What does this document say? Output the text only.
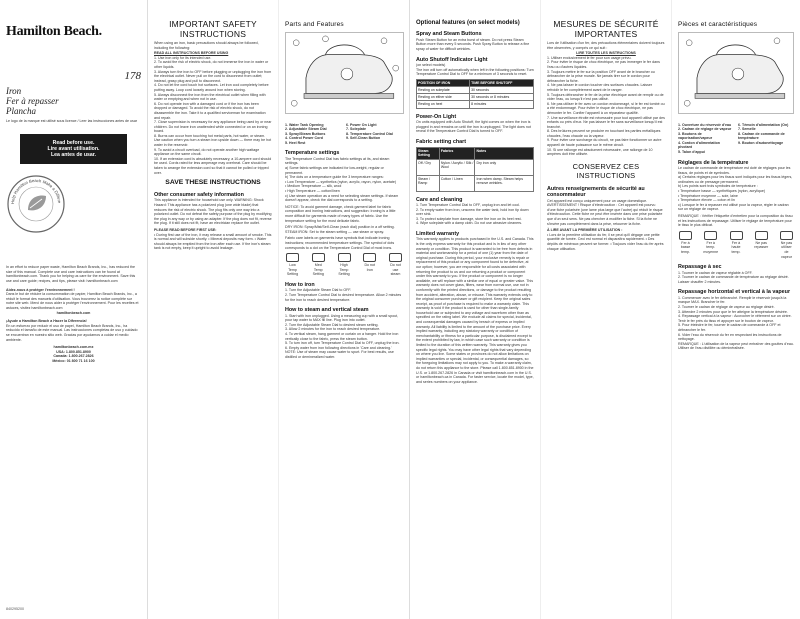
Hamilton Beach.
178
Iron
Fer à repasser
Plancha
Le logo de la marque est utilisé sous licence / Leer las instrucciones antes de usar
Read before use.
Lire avant utilisation.
Lea antes de usar.
Help Hamilton Beach Make a Differe
In an effort to reduce paper waste, Hamilton Beach Brands, Inc., has reduced the size of this manual. Complete use and care instructions can be found at hamiltonbeach.com. Thank you for helping us care for the environment. Save this use and care guide; recipes, and tips, please visit: hamiltonbeach.com
Aidez-nous à protéger l'environnement !
Dans le but de réduire la consommation de papier, Hamilton Beach Brands, Inc., a réduit le format des manuels d'utilisation. Vous trouverez la notice complète sur notre site web. Merci de nous aider à protéger l'environnement. Pour les recettes et astuces, visitez hamiltonbeach.com
hamiltonbeach.com
¡Ayude a Hamilton Beach a Hacer la Diferencia!
En un esfuerzo por reducir el uso de papel, Hamilton Beach Brands, Inc., ha reducido el tamaño de este manual. Las instrucciones completas de uso y cuidado se encuentran en nuestro sitio web. Gracias por ayudarnos a cuidar el medio ambiente.
hamiltonbeach.com.mx
USA: 1.800.851.8900
Canada: 1.800.267.2826
México: 01 800 71 16 100
840295200
IMPORTANT SAFETY INSTRUCTIONS
When using an iron, basic precautions should always be followed, including the following:
READ ALL INSTRUCTIONS BEFORE USING
1. Use iron only for its intended use.
2. To avoid the risk of electric shock, do not immerse the iron in water or other liquids.
3. Always turn the iron to OFF before plugging or unplugging the iron from the electrical outlet. Never pull on the cord to disconnect from outlet; instead, grasp plug and pull to disconnect.
4. Do not let the cord touch hot surfaces. Let iron cool completely before putting away. Loop cord loosely around iron when storing.
5. Always disconnect the iron from the electrical outlet when filling with water or emptying and when not in use.
6. Do not operate iron with a damaged cord or if the iron has been dropped or damaged. To avoid the risk of electric shock, do not disassemble the iron. Take it to a qualified serviceman for examination and repair.
7. Close supervision is necessary for any appliance being used by or near children. Do not leave iron unattended while connected or on an ironing board.
8. Burns can occur from touching hot metal parts, hot water, or steam. Use caution when you turn a steam iron upside down — there may be hot water in the reservoir.
9. To avoid a circuit overload, do not operate another high wattage appliance on the same circuit.
10. If an extension cord is absolutely necessary, a 10-ampere cord should be used. Cords rated for less amperage may overheat. Care should be taken to arrange the extension cord so that it cannot be pulled or tripped over.
SAVE THESE INSTRUCTIONS
Other consumer safety information
This appliance is intended for household use only. WARNING: Shock Hazard: This appliance has a polarized plug (one wide blade) that reduces the risk of electric shock. The plug fits only one way into a polarized outlet. Do not defeat the safety purpose of the plug by modifying the plug in any way or by using an adapter. If the plug does not fit, reverse the plug. If it still does not fit, have an electrician replace the outlet.
PLEASE READ BEFORE FIRST USE:
• During first use of the iron, it may release a small amount of smoke. This is normal and will subside shortly. • Mineral deposits may form. • Water should always be emptied from the iron after each use. If the iron's steam tank is not empty, keep it upright to avoid leakage.
Parts and Features
1. Water Tank Opening
2. Adjustable Steam Dial
3. Spray/Steam Buttons
4. Control Power Cord
5. Heel Rest
6. Power On Light
7. Soleplate
8. Temperature Control Dial
9. Self-Clean Button
Temperature settings
The Temperature Control Dial has fabric settings at its, and steam settings.
a) Some fabric settings are indicated for low-weight, regular or permanent.
b) The dots on a temperature guide the 3 temperature ranges:
• Low Temperature — synthetics (nylon, acrylic, rayon, nylon, acetate)
• Medium Temperature — silk, wool
• High Temperature — cotton/linen
c) Use steam operation as a need for selecting steam settings. If steam doesn't appear, check the dial corresponds to a setting.
NOTICE: To avoid garment damage, check garment label for fabric composition and ironing instructions, and suggestion: Ironing is a little more difficult for garments made of many types of fabric. Use the temperature setting for the most delicate fabric.
DRY IRON: Spray/Mist/Self-Clean (each dial) position in a off setting.
STEAM IRON: Set to the steam setting — use steam or spray.
Fabric care labels on garments have symbols that indicate ironing instructions; recommended temperature settings. The symbol of dots corresponds to a dot on the Temperature Control Dial of most irons.
Low Temp Setting
Med Temp Setting
High Temp Setting
Do not Iron
Do not use steam
How to iron
1. Turn the Adjustable Steam Dial to OFF.
2. Turn Temperature Control Dial to desired temperature. Allow 2 minutes for the iron to reach desired temperature.
How to steam and vertical steam
1. Start with iron unplugged. Using a measuring cup with a small spout, pour tap water to MAX fill line. Plug iron into outlet.
2. Turn the Adjustable Steam Dial to desired steam setting.
3. Allow 2 minutes for the iron to reach desired temperature.
4. To vertical steam, hang garment or curtain on a hanger. Hold the iron vertically close to the fabric, press the steam button.
5. To turn iron off, turn Temperature Control Dial to OFF, unplug the iron.
6. Empty water from iron following directions in 'Care and cleaning.'
NOTE: Use of steam may cause water to spurt. For best results, use distilled or demineralized water.
Optional features (on select models)
Spray and Steam Buttons
Push Steam Button for an extra burst of steam. Do not press Steam Button more than every 5 seconds. Push Spray Button to release a fine spray of water for difficult wrinkles.
Auto Shutoff Indicator Light
(on select models)
The iron will turn off automatically when left in the following positions: Turn Temperature Control Dial to OFF for a minimum of 3 seconds to reset.
POSITION OF IRON	TIME BEFORE SHUTOFF
Resting on soleplate	30 seconds
Resting on either side	30 seconds or 8 minutes
Resting on heel	8 minutes
Power-On Light
On units equipped with Auto Shutoff, the light comes on when the iron is plugged in and remains on until the iron is unplugged. The light does not reveal if the Temperature Control Dial is turned to OFF.
Fabric setting chart
Steam Setting	Fabrics	Notes
Off / Dry	Nylon / Acrylic / Silk / Wool	Dry iron only
Steam / Ramp	Cotton / Linen	Iron when damp. Steam helps remove wrinkles.
Care and cleaning
1. Turn Temperature Control Dial to OFF, unplug iron and let cool.
2. To empty water from iron, unscrew the water tank, hold iron tip down over sink.
3. To protect soleplate from damage, store the iron on its heel rest.
4. Wipe soleplate with a damp cloth. Do not use abrasive cleaners.
Limited warranty
This warranty applies to products purchased in the U.S. and Canada. This is the only express warranty for this product and is in lieu of any other warranty or condition. This product is warranted to be free from defects in material and workmanship for a period of one (1) year from the date of original purchase. During this period, your exclusive remedy is repair or replacement of this product or any component found to be defective, at our option; however, you are responsible for all costs associated with returning the product to us and our returning a product or component under this warranty to you. If the product or component is no longer available, we will replace with a similar one of equal or greater value. This warranty does not cover glass, filters, wear from normal use, use not in conformity with the printed directions, or damage to the product resulting from accident, alteration, abuse, or misuse. This warranty extends only to the original consumer purchaser or gift recipient. Keep the original sales receipt, as proof of purchase is required to make a warranty claim. This warranty is void if the product is used for other than single-family household use or subjected to any voltage and waveform other than as specified on the rating label. We exclude all claims for special, incidental, and consequential damages caused by breach of express or implied warranty. All liability is limited to the amount of the purchase price. Every implied warranty, including any statutory warranty or condition of merchantability or fitness for a particular purpose, is disclaimed except to the extent prohibited by law, in which case such warranty or condition is limited to the duration of this written warranty. This warranty gives you specific legal rights. You may have other legal rights that vary depending on where you live. Some states or provinces do not allow limitations on implied warranties or special, incidental, or consequential damages, so the foregoing limitations may not apply to you. To make a warranty claim, do not return this appliance to the store. Please call 1.800.851.8900 in the U.S. or 1.800.267.2826 in Canada or visit hamiltonbeach.com in the U.S. or hamiltonbeach.ca in Canada. For faster service, locate the model, type, and series numbers on your appliance.
MESURES DE SÉCURITÉ IMPORTANTES
Lors de l'utilisation d'un fer, des précautions élémentaires doivent toujours être observées, y compris ce qui suit :
LIRE TOUTES LES INSTRUCTIONS
1. Utiliser exclusivement le fer pour son usage prévu.
2. Pour éviter le risque de choc électrique, ne pas immerger le fer dans l'eau ou d'autres liquides.
3. Toujours mettre le fer sur la position OFF avant de le brancher ou débrancher de la prise murale. Ne jamais tirer sur le cordon pour débrancher la fiche.
4. Ne pas laisser le cordon toucher des surfaces chaudes. Laisser refroidir le fer complètement avant de le ranger.
5. Toujours débrancher le fer de la prise électrique avant de remplir ou de vider l'eau, ou lorsqu'il n'est pas utilisé.
6. Ne pas utiliser le fer avec un cordon endommagé, si le fer est tombé ou a été endommagé. Pour éviter le risque de choc électrique, ne pas démonter le fer. Confier l'appareil à un réparateur qualifié.
7. Une surveillance étroite est nécessaire pour tout appareil utilisé par des enfants ou près d'eux. Ne pas laisser le fer sans surveillance lorsqu'il est branché.
8. Des brûlures peuvent se produire en touchant les parties métalliques chaudes, l'eau chaude ou la vapeur.
9. Pour éviter une surcharge du circuit, ne pas faire fonctionner un autre appareil de haute puissance sur le même circuit.
10. Si une rallonge est absolument nécessaire, une rallonge de 10 ampères doit être utilisée.
CONSERVEZ CES INSTRUCTIONS
Autres renseignements de sécurité au consommateur
Cet appareil est conçu uniquement pour un usage domestique. AVERTISSEMENT ! Risque d'électrocution : Cet appareil est pourvu d'une fiche polarisée (une lame plus large que l'autre) qui réduit le risque d'électrocution. Cette fiche ne peut être insérée dans une prise polarisée que d'un seul sens. Ne pas chercher à modifier la fiche. Si la fiche ne s'insère pas complètement dans la prise, retourner la fiche.
À LIRE AVANT LA PREMIÈRE UTILISATION :
• Lors de la première utilisation du fer, il se peut qu'il dégage une petite quantité de fumée. Ceci est normal et disparaîtra rapidement. • Des dépôts de minéraux peuvent se former. • Toujours vider l'eau du fer après chaque utilisation.
Pièces et caractéristiques
1. Ouverture du réservoir d'eau
2. Cadran de réglage de vapeur
3. Boutons de vaporisation/vapeur
4. Cordon d'alimentation pivotant
5. Talon d'appui
6. Témoin d'alimentation (On)
7. Semelle
8. Cadran de commande de température
9. Bouton d'autonettoyage
Réglages de la température
Le cadran de commande de température est doté de réglages pour les tissus, de points et de symboles.
a) Certains réglages pour les tissus sont indiqués pour les tissus légers, ordinaires ou de pressage permanent.
b) Les points sont trois symboles de température :
• Température basse — synthétiques (nylon, acrylique)
• Température moyenne — soie, laine
• Température élevée — coton et lin
c) Lorsque le fer à repasser est utilisé pour la vapeur, régler le cadran sur un réglage de vapeur.
REMARQUE : Vérifier l'étiquette d'entretien pour la composition du tissu et les instructions de repassage. Utiliser le réglage de température pour le tissu le plus délicat.
Fer à basse temp.
Fer à temp. moyenne
Fer à haute temp.
Ne pas repasser
Ne pas utiliser de vapeur
Repassage à sec
1. Tourner le cadran de vapeur réglable à OFF.
2. Tourner le cadran de commande de température au réglage désiré. Laisser chauffer 2 minutes.
Repassage horizontal et vertical à la vapeur
1. Commencer avec le fer débranché. Remplir le réservoir jusqu'à la marque MAX. Brancher le fer.
2. Tourner le cadran de réglage de vapeur au réglage désiré.
3. Attendre 2 minutes pour que le fer atteigne la température désirée.
4. Repassage vertical à la vapeur : Accrocher le vêtement sur un cintre. Tenir le fer près du tissu et appuyer sur le bouton de vapeur.
5. Pour éteindre le fer, tourner le cadran de commande à OFF et débrancher le fer.
6. Vider l'eau du réservoir du fer en respectant les instructions de nettoyage.
REMARQUE : L'utilisation de la vapeur peut entraîner des gouttes d'eau. Utiliser de l'eau distillée ou déminéralisée.
